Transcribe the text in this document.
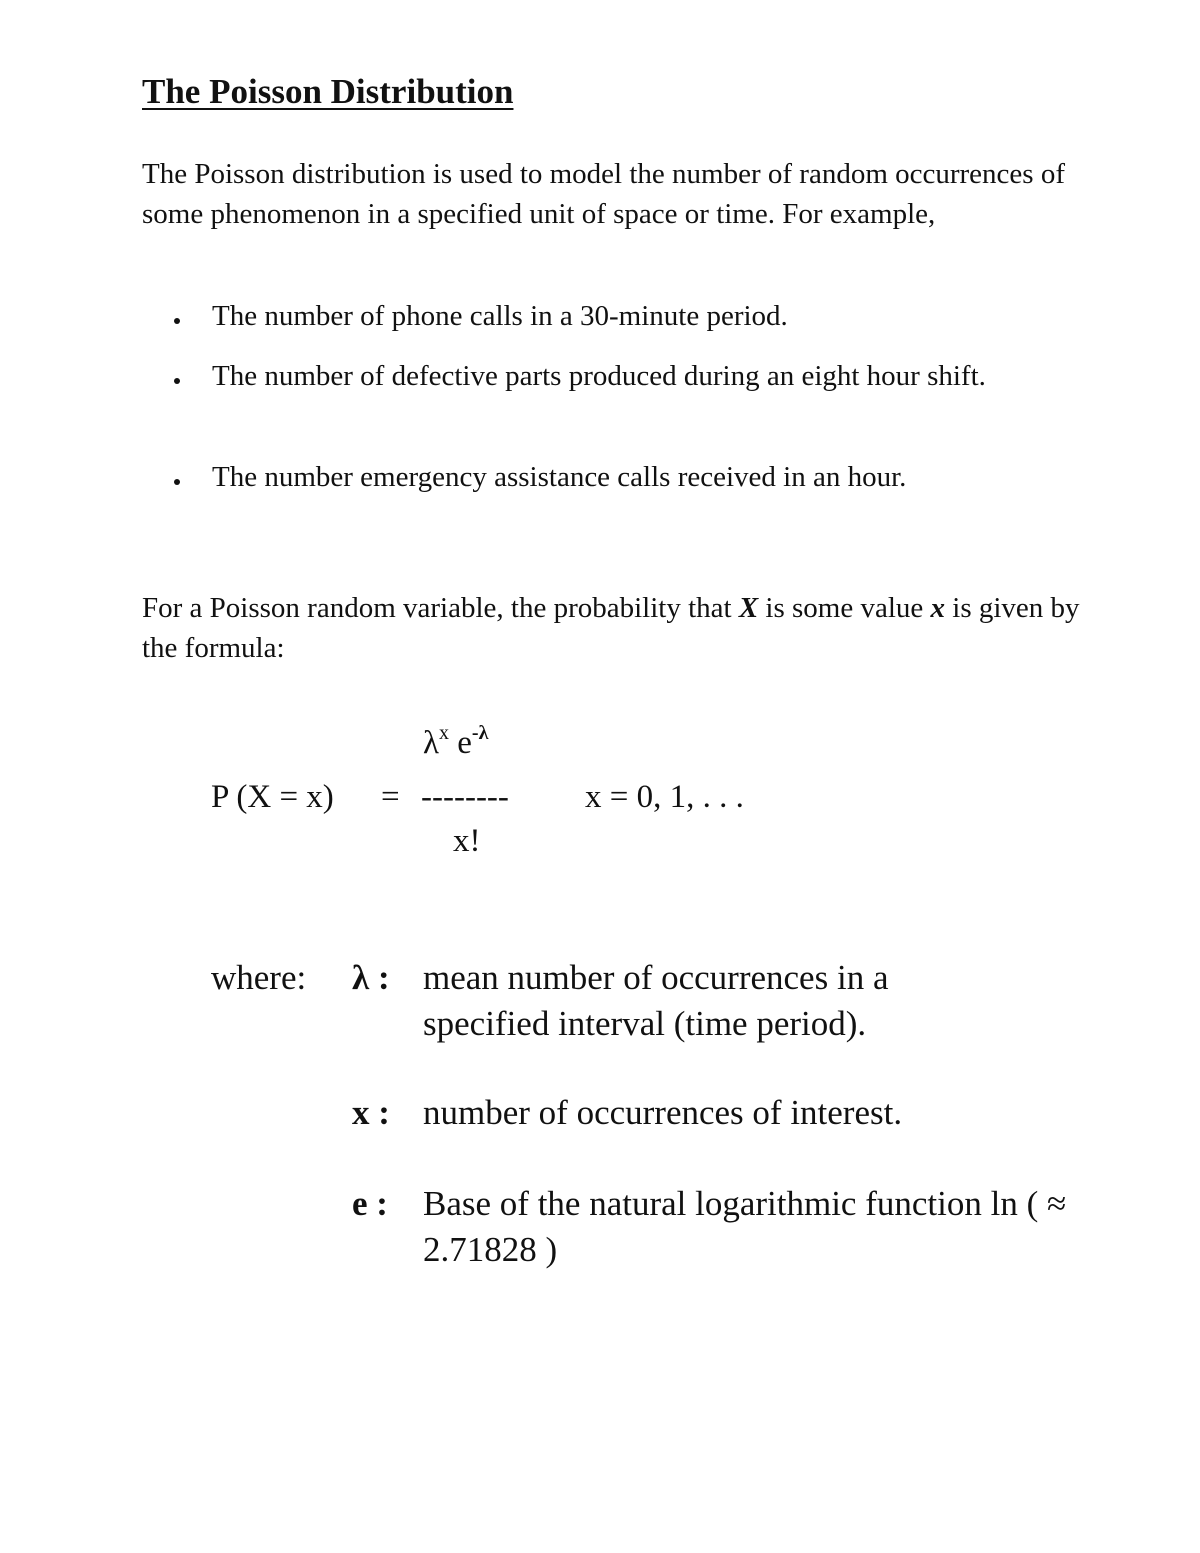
The Poisson Distribution
The Poisson distribution is used to model the number of random occurrences of some phenomenon in a specified unit of space or time. For example,
The number of phone calls in a 30-minute period.
The number of defective parts produced during an eight hour shift.
The number emergency assistance calls received in an hour.
For a Poisson random variable, the probability that X is some value x is given by the formula:
$\lambda^x$ $e^{-\lambda}$
P (X = x) = -------- x = 0, 1, . . .
x!
where: λ : mean number of occurrences in a specified interval (time period).
x : number of occurrences of interest.
e : Base of the natural logarithmic function ln ( ≈ 2.71828 )
